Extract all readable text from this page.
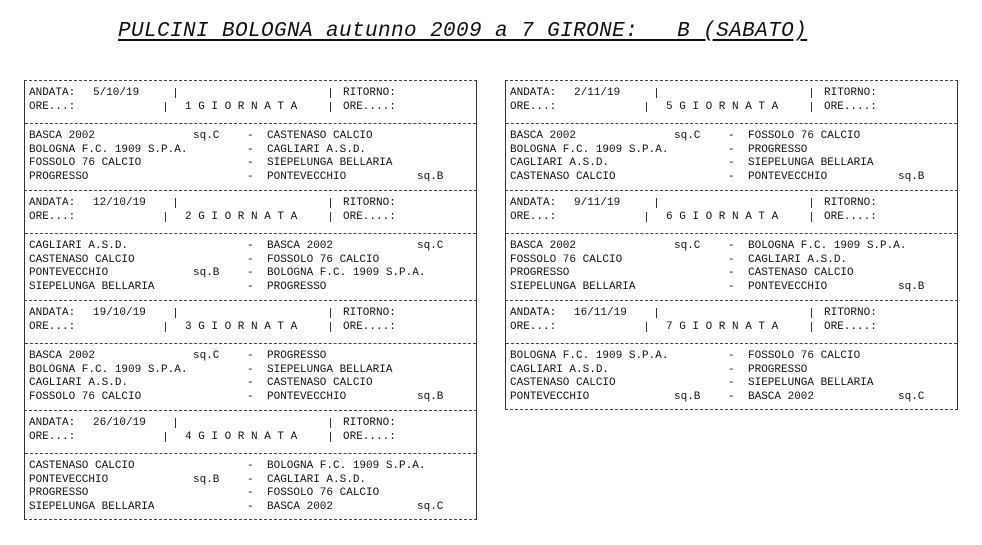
PULCINI BOLOGNA autunno 2009 a 7 GIRONE:   B (SABATO)
ANDATA: 5/10/19
ORE...:	1 G I O R N A T A
RITORNO:
ORE....:
BASCA 2002	sq.C	- CASTENASO CALCIO
BOLOGNA F.C. 1909 S.P.A.	- CAGLIARI A.S.D.
FOSSOLO 76 CALCIO	- SIEPELUNGA BELLARIA
PROGRESSO	- PONTEVECCHIO	sq.B
ANDATA: 12/10/19
ORE...:	2 G I O R N A T A
RITORNO:
ORE....:
CAGLIARI A.S.D.	- BASCA 2002	sq.C
CASTENASO CALCIO	- FOSSOLO 76 CALCIO
PONTEVECCHIO	sq.B	- BOLOGNA F.C. 1909 S.P.A.
SIEPELUNGA BELLARIA	- PROGRESSO
ANDATA: 19/10/19
ORE...:	3 G I O R N A T A
RITORNO:
ORE....:
BASCA 2002	sq.C	- PROGRESSO
BOLOGNA F.C. 1909 S.P.A.	- SIEPELUNGA BELLARIA
CAGLIARI A.S.D.	- CASTENASO CALCIO
FOSSOLO 76 CALCIO	- PONTEVECCHIO	sq.B
ANDATA: 26/10/19
ORE...:	4 G I O R N A T A
RITORNO:
ORE....:
CASTENASO CALCIO	- BOLOGNA F.C. 1909 S.P.A.
PONTEVECCHIO	sq.B	- CAGLIARI A.S.D.
PROGRESSO	- FOSSOLO 76 CALCIO
SIEPELUNGA BELLARIA	- BASCA 2002	sq.C
ANDATA: 2/11/19
ORE...:	5 G I O R N A T A
RITORNO:
ORE....:
BASCA 2002	sq.C	- FOSSOLO 76 CALCIO
BOLOGNA F.C. 1909 S.P.A.	- PROGRESSO
CAGLIARI A.S.D.	- SIEPELUNGA BELLARIA
CASTENASO CALCIO	- PONTEVECCHIO	sq.B
ANDATA: 9/11/19
ORE...:	6 G I O R N A T A
RITORNO:
ORE....:
BASCA 2002	sq.C	- BOLOGNA F.C. 1909 S.P.A.
FOSSOLO 76 CALCIO	- CAGLIARI A.S.D.
PROGRESSO	- CASTENASO CALCIO
SIEPELUNGA BELLARIA	- PONTEVECCHIO	sq.B
ANDATA: 16/11/19
ORE...:	7 G I O R N A T A
RITORNO:
ORE....:
BOLOGNA F.C. 1909 S.P.A.	- FOSSOLO 76 CALCIO
CAGLIARI A.S.D.	- PROGRESSO
CASTENASO CALCIO	- SIEPELUNGA BELLARIA
PONTEVECCHIO	sq.B	- BASCA 2002	sq.C
